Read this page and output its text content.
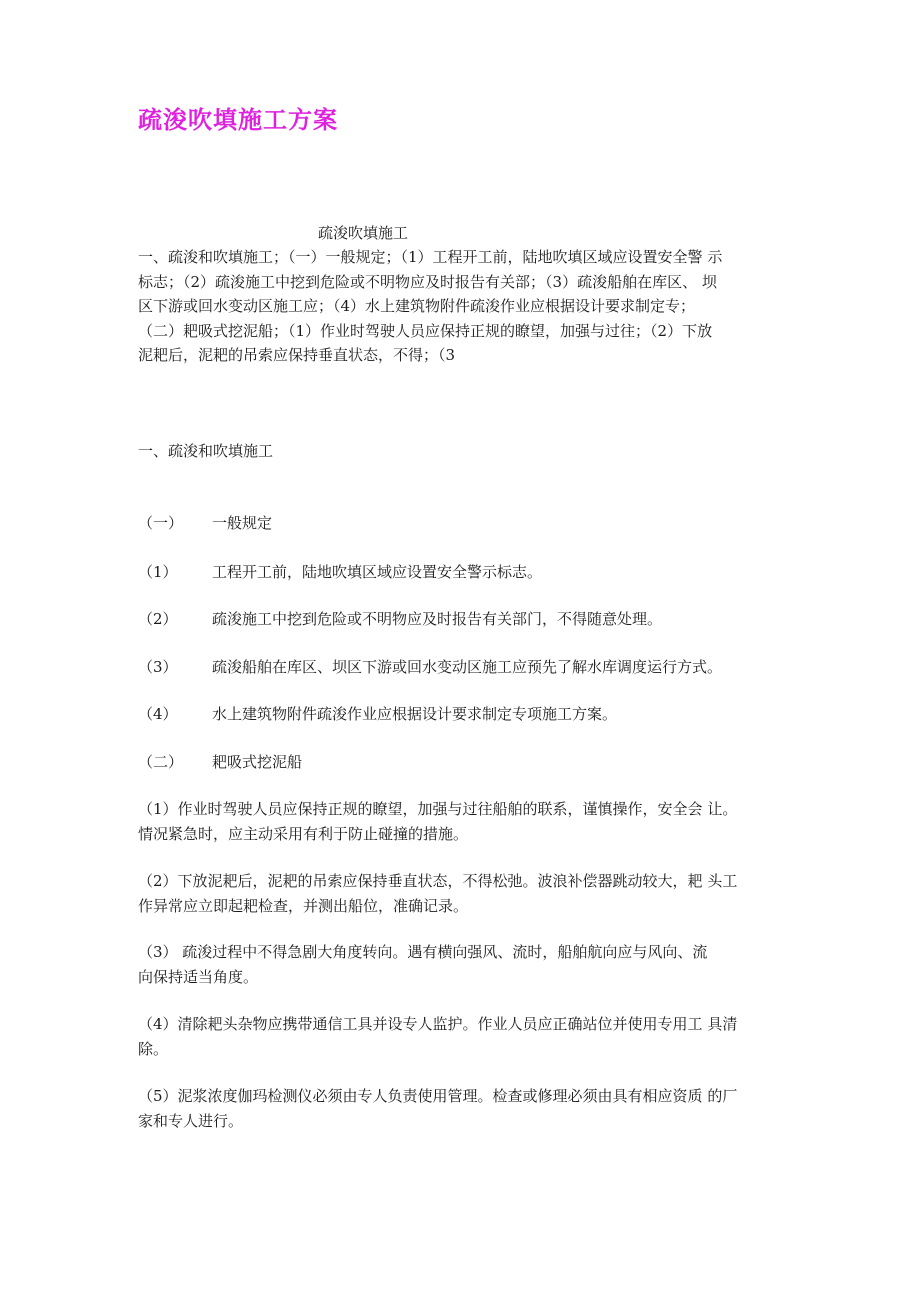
疏浚吹填施工方案
疏浚吹填施工

一、疏浚和吹填施工；（一）一般规定；（1）工程开工前，陆地吹填区域应设置安全警 示

标志；（2）疏浚施工中挖到危险或不明物应及时报告有关部；（3）疏浚船舶在库区、 坝

区下游或回水变动区施工应；（4）水上建筑物附件疏浚作业应根据设计要求制定专；

（二）耙吸式挖泥船；（1）作业时驾驶人员应保持正规的瞭望，加强与过往；（2）下放

泥耙后，泥耙的吊索应保持垂直状态，不得；（3

一、疏浚和吹填施工
（一） 一般规定
（1） 工程开工前，陆地吹填区域应设置安全警示标志。
（2） 疏浚施工中挖到危险或不明物应及时报告有关部门，不得随意处理。
（3） 疏浚船舶在库区、坝区下游或回水变动区施工应预先了解水库调度运行方式。
（4） 水上建筑物附件疏浚作业应根据设计要求制定专项施工方案。
（二） 耙吸式挖泥船

（1）作业时驾驶人员应保持正规的瞭望，加强与过往船舶的联系，谨慎操作，安全会 让。

情况紧急时，应主动采用有利于防止碰撞的措施。

（2）下放泥耙后，泥耙的吊索应保持垂直状态，不得松弛。波浪补偿器跳动较大，耙 头工

作异常应立即起耙检查，并测出船位，准确记录。

（3） 疏浚过程中不得急剧大角度转向。遇有横向强风、流时，船舶航向应与风向、流

向保持适当角度。

（4）清除耙头杂物应携带通信工具并设专人监护。作业人员应正确站位并使用专用工 具清

除。

（5）泥浆浓度伽玛检测仪必须由专人负责使用管理。检查或修理必须由具有相应资质 的厂

家和专人进行。
